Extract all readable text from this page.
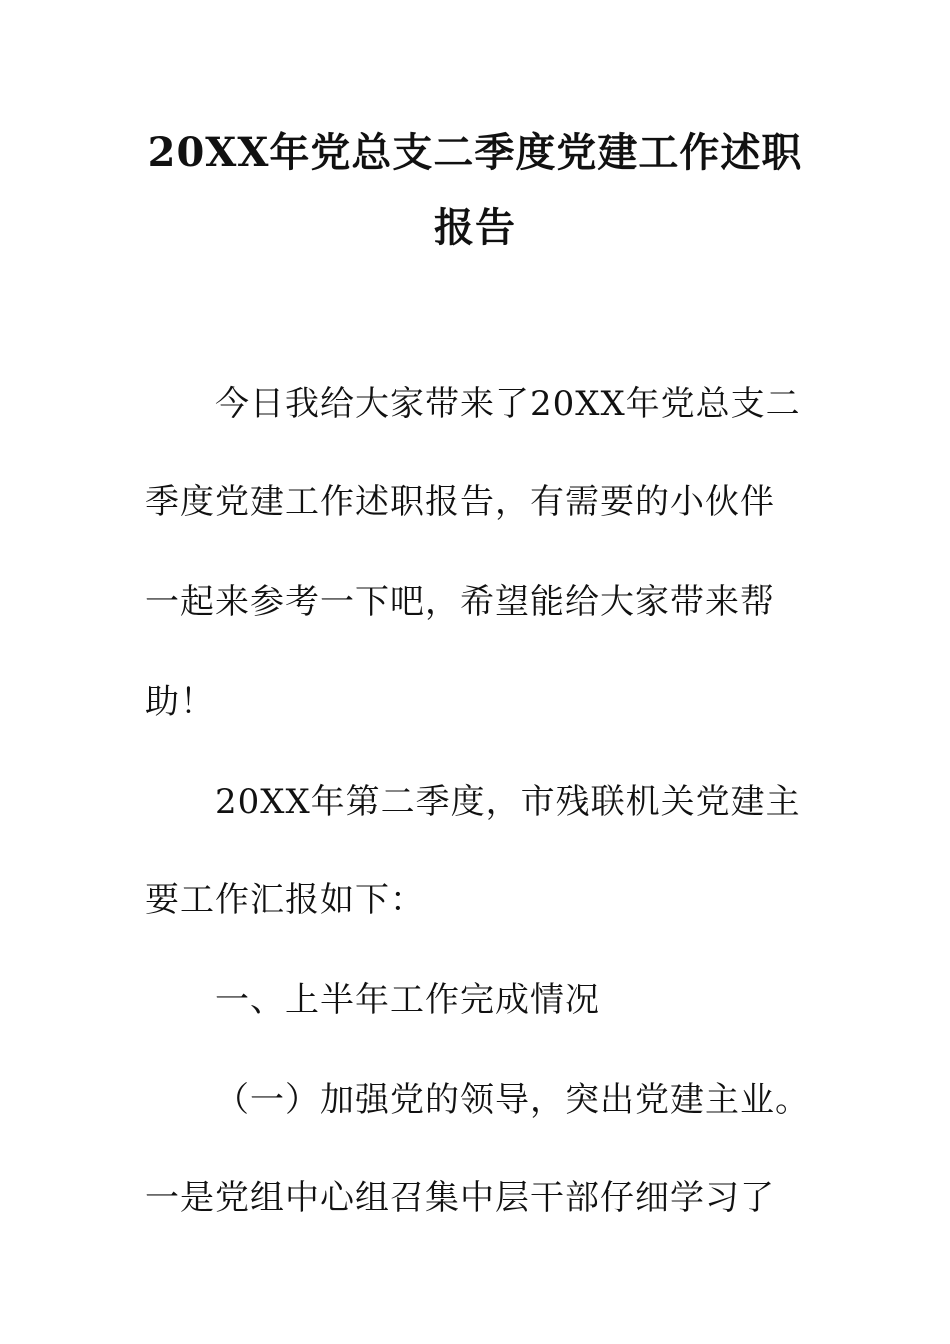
20XX年党总支二季度党建工作述职
报告
今日我给大家带来了20XX年党总支二
季度党建工作述职报告，有需要的小伙伴
一起来参考一下吧，希望能给大家带来帮
助！
20XX年第二季度，市残联机关党建主
要工作汇报如下：
一、上半年工作完成情况
（一）加强党的领导，突出党建主业。
一是党组中心组召集中层干部仔细学习了
